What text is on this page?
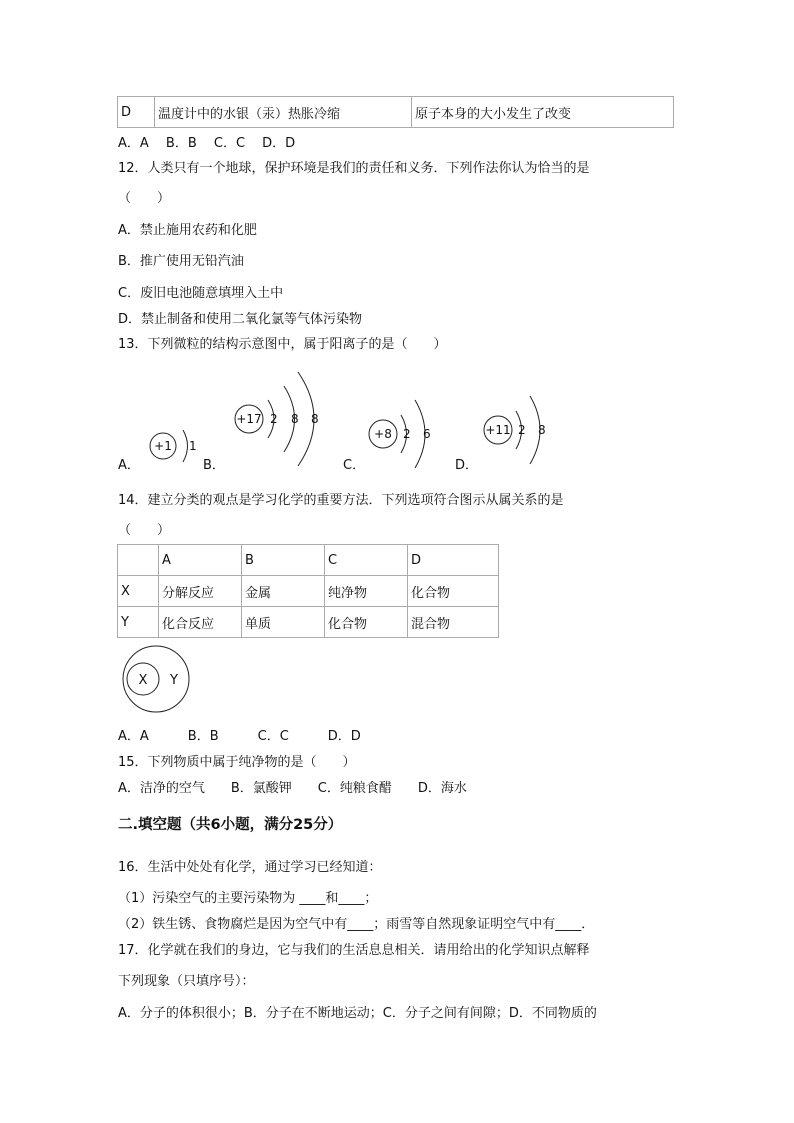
D	温度计中的水银（汞）热胀冷缩	原子本身的大小发生了改变
A．A　 B．B　 C．C　 D．D
12．人类只有一个地球，保护环境是我们的责任和义务．下列作法你认为恰当的是
（　　）
A．禁止施用农药和化肥
B．推广使用无铅汽油
C．废旧电池随意填埋入土中
D．禁止制备和使用二氧化氯等气体污染物
13．下列微粒的结构示意图中，属于阳离子的是（　　）
+1 1
+17 2 8 8
+8 2 6	+11 2 8
A．	B．	C．	D．
14．建立分类的观点是学习化学的重要方法．下列选项符合图示从属关系的是
（　　）
	A	B	C	D
X	分解反应	金属	纯净物	化合物
Y	化合反应	单质	化合物	混合物
X Y
A．A　　　B．B　　　C．C　　　D．D
15．下列物质中属于纯净物的是（　　）
A．洁净的空气　　B．氯酸钾　　C．纯粮食醋　　D．海水
二.填空题（共6小题，满分25分）
16．生活中处处有化学，通过学习已经知道：
（1）污染空气的主要污染物为 ____和____；
（2）铁生锈、食物腐烂是因为空气中有____；雨雪等自然现象证明空气中有____．
17．化学就在我们的身边，它与我们的生活息息相关．请用给出的化学知识点解释
下列现象（只填序号）：
A．分子的体积很小；B．分子在不断地运动；C．分子之间有间隙；D．不同物质的
